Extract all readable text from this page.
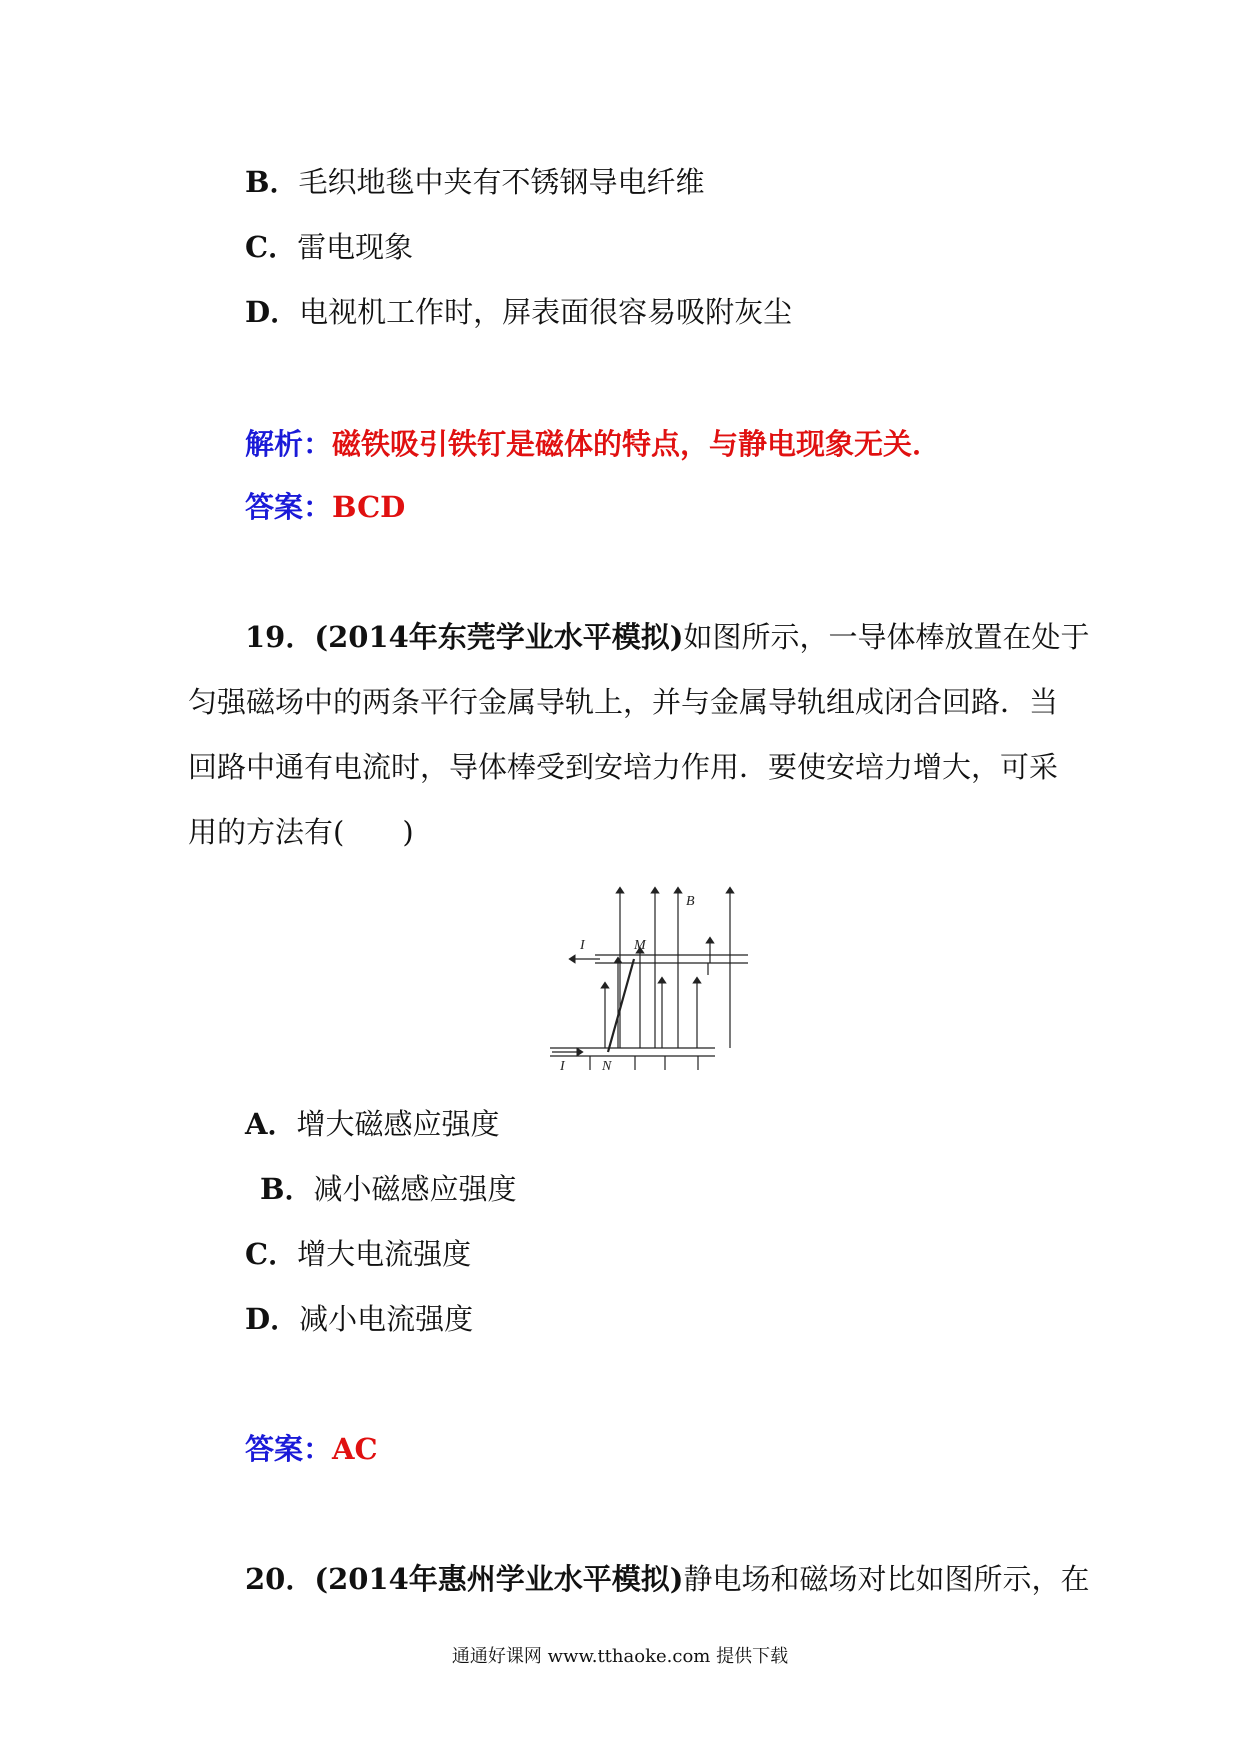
B．毛织地毯中夹有不锈钢导电纤维
C．雷电现象
D．电视机工作时，屏表面很容易吸附灰尘
解析：磁铁吸引铁钉是磁体的特点，与静电现象无关．
答案：BCD
19．(2014年东莞学业水平模拟)如图所示，一导体棒放置在处于
匀强磁场中的两条平行金属导轨上，并与金属导轨组成闭合回路．当
回路中通有电流时，导体棒受到安培力作用．要使安培力增大，可采
用的方法有(　　)
B
M
N
I
I
A．增大磁感应强度
B．减小磁感应强度
C．增大电流强度
D．减小电流强度
答案：AC
20．(2014年惠州学业水平模拟)静电场和磁场对比如图所示，在
通通好课网 www.tthaoke.com 提供下载
